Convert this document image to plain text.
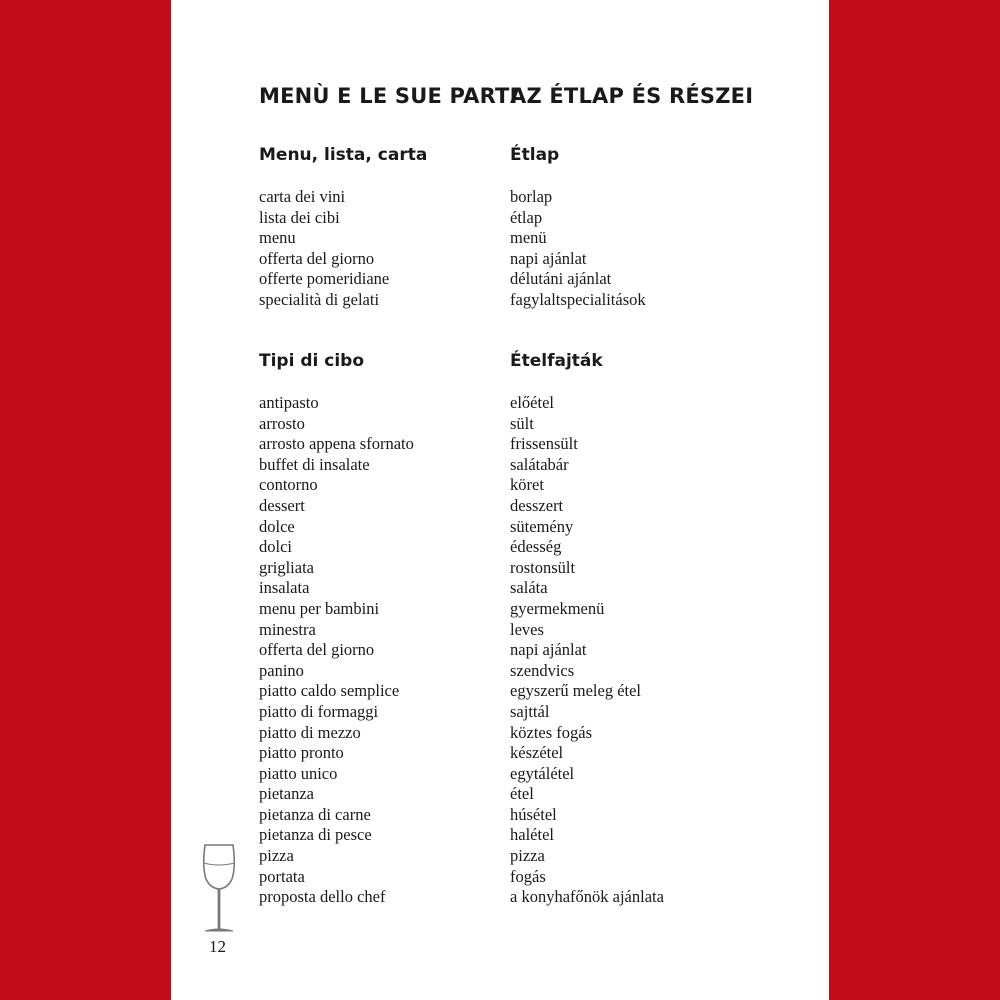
MENÙ E LE SUE PARTI
AZ ÉTLAP ÉS RÉSZEI
Menu, lista, carta	Étlap
carta dei vini
lista dei cibi
menu
offerta del giorno
offerte pomeridiane
specialità di gelati
borlap
étlap
menü
napi ajánlat
délutáni ajánlat
fagylaltspecialitások
Tipi di cibo	Ételfajták
antipasto
arrosto
arrosto appena sfornato
buffet di insalate
contorno
dessert
dolce
dolci
grigliata
insalata
menu per bambini
minestra
offerta del giorno
panino
piatto caldo semplice
piatto di formaggi
piatto di mezzo
piatto pronto
piatto unico
pietanza
pietanza di carne
pietanza di pesce
pizza
portata
proposta dello chef
előétel
sült
frissensült
salátabár
köret
desszert
sütemény
édesség
rostonsült
saláta
gyermekmenü
leves
napi ajánlat
szendvics
egyszerű meleg étel
sajttál
köztes fogás
készétel
egytálétel
étel
húsétel
halétel
pizza
fogás
a konyhafőnök ajánlata
12
